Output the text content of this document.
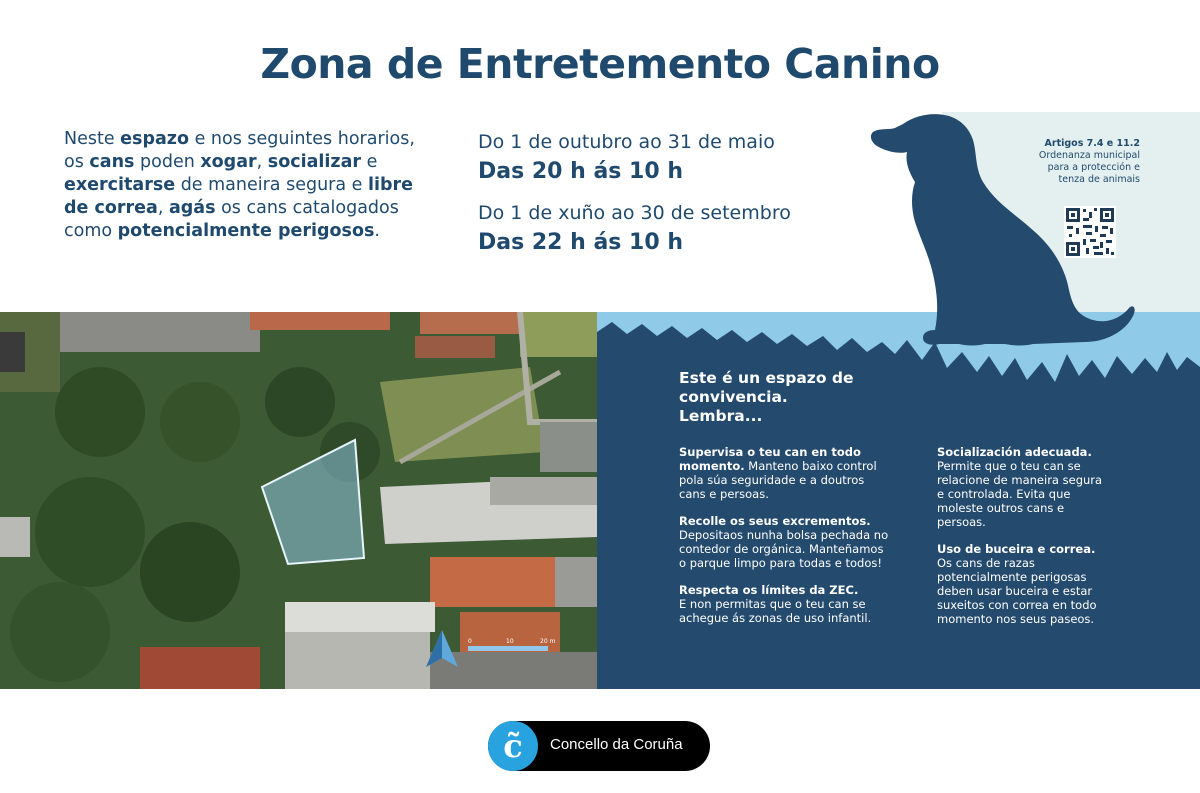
Zona de Entretemento Canino
Neste espazo e nos seguintes horarios, os cans poden xogar, socializar e exercitarse de maneira segura e libre de correa, agás os cans catalogados como potencialmente perigosos.
Do 1 de outubro ao 31 de maio
Das 20 h ás 10 h
Do 1 de xuño ao 30 de setembro
Das 22 h ás 10 h
Artigos 7.4 e 11.2
Ordenanza municipal
para a protección e
tenza de animais
0	10	20 m
Este é un espazo de
convivencia.
Lembra...
Supervisa o teu can en todo momento. Manteno baixo control pola súa seguridade e a doutros cans e persoas.
Recolle os seus excrementos.
Depositaos nunha bolsa pechada no contedor de orgánica. Manteñamos o parque limpo para todas e todos!
Respecta os límites da ZEC.
E non permitas que o teu can se achegue ás zonas de uso infantil.
Socialización adecuada.
Permite que o teu can se relacione de maneira segura e controlada. Evita que moleste outros cans e persoas.
Uso de buceira e correa.
Os cans de razas potencialmente perigosas deben usar buceira e estar suxeitos con correa en todo momento nos seus paseos.
c̃	Concello da Coruña
